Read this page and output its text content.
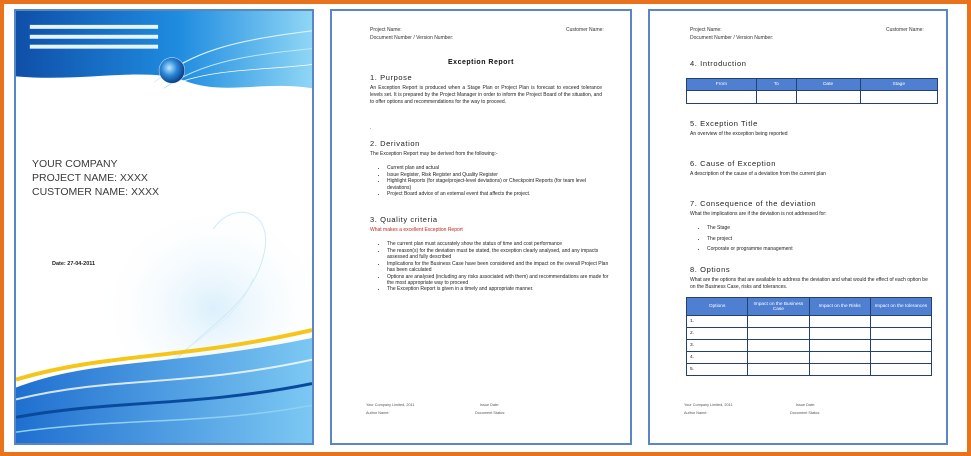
YOUR COMPANY
PROJECT NAME: XXXX
CUSTOMER NAME: XXXX
Date: 27-04-2011
Project Name:	Customer Name:
Document Number / Version Number:
Exception Report
1. Purpose
An Exception Report is produced when a Stage Plan or Project Plan is forecast to exceed tolerance levels set. It is prepared by the Project Manager in order to inform the Project Board of the situation, and to offer options and recommendations for the way to proceed.
.
2. Derivation
The Exception Report may be derived from the following:-
• Current plan and actual
• Issue Register, Risk Register and Quality Register
• Highlight Reports (for stage/project-level deviations) or Checkpoint Reports (for team level deviations)
• Project Board advice of an external event that affects the project.
3. Quality criteria
What makes a excellent Exception Report
• The current plan must accurately show the status of time and cost performance
• The reason(s) for the deviation must be stated, the exception clearly analysed, and any impacts assessed and fully described
• Implications for the Business Case have been considered and the impact on the overall Project Plan has been calculated
• Options are analysed (including any risks associated with them) and recommendations are made for the most appropriate way to proceed
• The Exception Report is given in a timely and appropriate manner.
Your Company Limited, 2011	Issue Date:
Author Name:	Document Status:
Project Name:	Customer Name:
Document Number / Version Number:
4. Introduction
From	To	Date	Stage

5. Exception Title
An overview of the exception being reported
6. Cause of Exception
A description of the cause of a deviation from the current plan
7. Consequence of the deviation
What the implications are if the deviation is not addressed for:
• The Stage
• The project
• Corporate or programme management
8. Options
What are the options that are available to address the deviation and what would the effect of each option be on the Business Case, risks and tolerances.
Options	Impact on the Business Case	Impact on the Risks	Impact on the tolerances
1.			
2.			
3.			
4.			
5.			
Your Company Limited, 2011	Issue Date:
Author Name:	Document Status:
